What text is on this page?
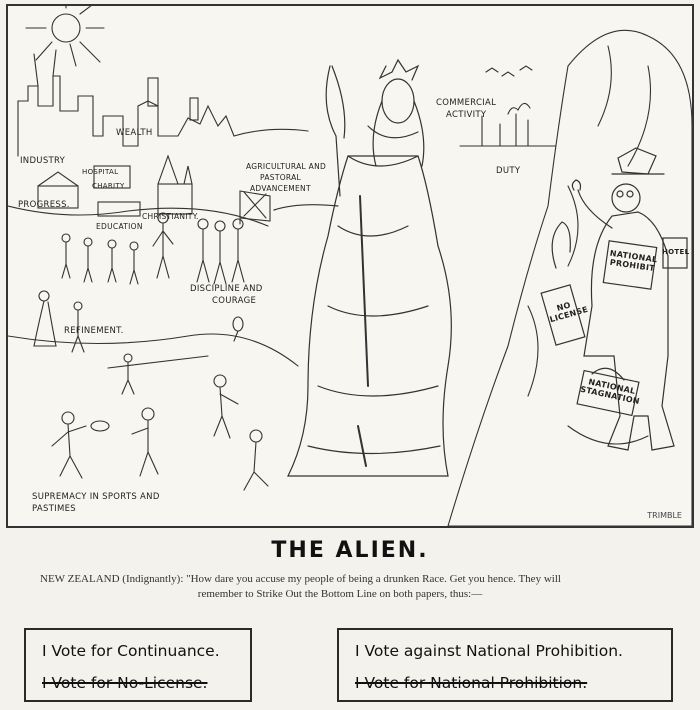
WEALTH
INDUSTRY
HOSPITAL
CHARITY
PROGRESS.
EDUCATION
CHRISTIANITY.
AGRICULTURAL AND
PASTORAL
ADVANCEMENT
COMMERCIAL
ACTIVITY
DUTY
REFINEMENT.
DISCIPLINE AND
COURAGE
SUPREMACY IN SPORTS AND
PASTIMES
NATIONAL PROHIBIT
HOTEL
NO LICENSE
NATIONAL STAGNATION
TRIMBLE
THE ALIEN.
NEW ZEALAND (Indignantly): "How dare you accuse my people of being a drunken Race. Get you hence. They will
remember to Strike Out the Bottom Line on both papers, thus:—
I Vote for Continuance.
I Vote for No-License.
I Vote against National Prohibition.
I Vote for National Prohibition.
